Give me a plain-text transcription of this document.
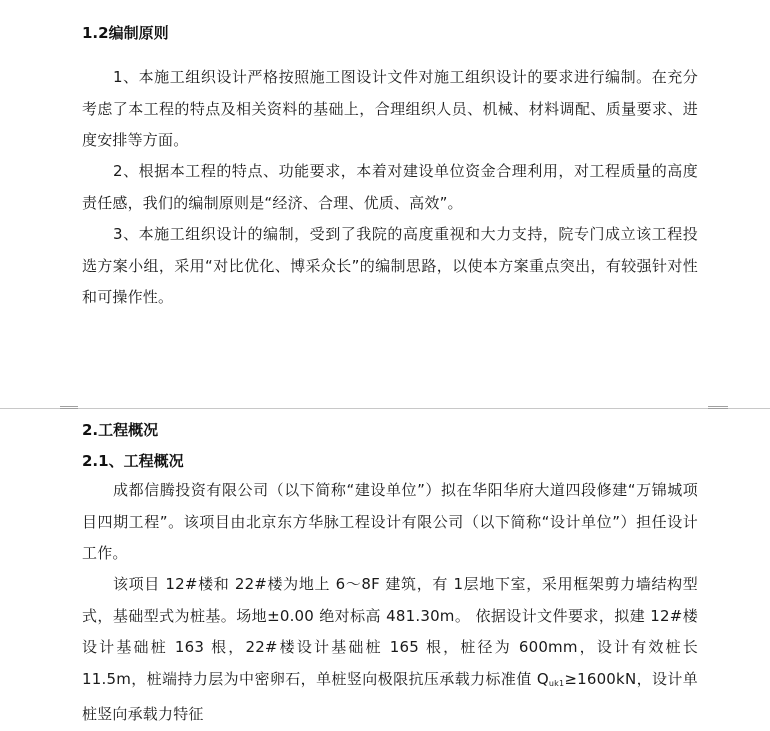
1.2编制原则
1、本施工组织设计严格按照施工图设计文件对施工组织设计的要求进行编制。在充分考虑了本工程的特点及相关资料的基础上，合理组织人员、机械、材料调配、质量要求、进度安排等方面。
2、根据本工程的特点、功能要求，本着对建设单位资金合理利用，对工程质量的高度责任感，我们的编制原则是“经济、合理、优质、高效”。
3、本施工组织设计的编制，受到了我院的高度重视和大力支持，院专门成立该工程投选方案小组，采用“对比优化、博采众长”的编制思路，以使本方案重点突出，有较强针对性和可操作性。
2.工程概况
2.1、工程概况
成都信腾投资有限公司（以下简称“建设单位”）拟在华阳华府大道四段修建“万锦城项目四期工程”。该项目由北京东方华脉工程设计有限公司（以下简称“设计单位”）担任设计工作。
该项目 12#楼和 22#楼为地上 6～8F 建筑，有 1层地下室，采用框架剪力墙结构型式，基础型式为桩基。场地±0.00 绝对标高 481.30m。 依据设计文件要求，拟建 12#楼设计基础桩 163 根，22#楼设计基础桩 165 根，桩径为 600mm，设计有效桩长 11.5m，桩端持力层为中密卵石，单桩竖向极限抗压承载力标准值 $Q_{uk1}\ge 1600kN$，设计单桩竖向承载力特征
